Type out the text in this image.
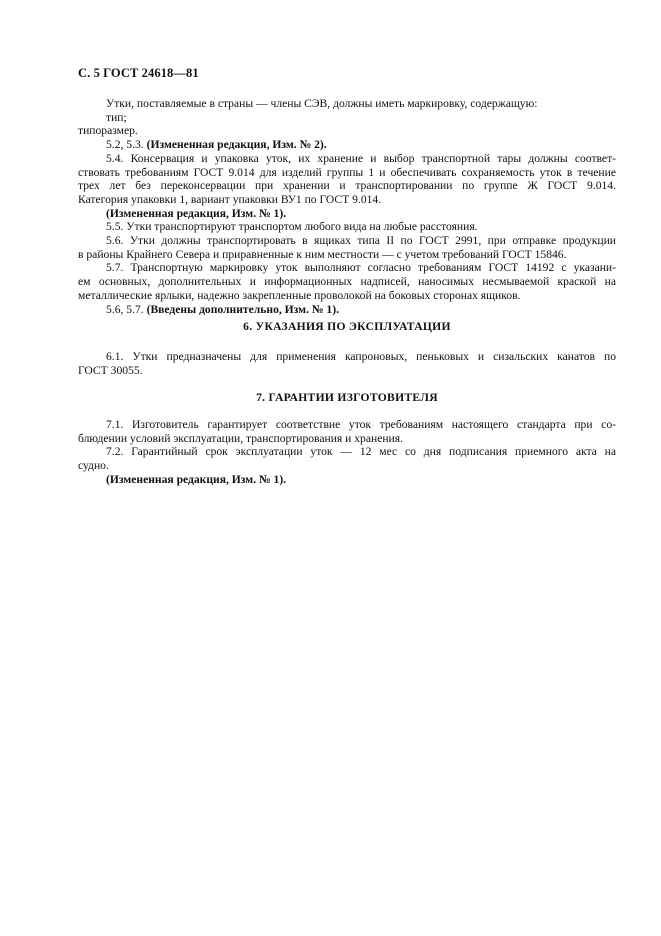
С. 5 ГОСТ 24618—81

Утки, поставляемые в страны — члены СЭВ, должны иметь маркировку, содержащую:

тип;

типоразмер.

5.2, 5.3. (Измененная редакция, Изм. № 2).

5.4. Консервация и упаковка уток, их хранение и выбор транспортной тары должны соответ-

ствовать требованиям ГОСТ 9.014 для изделий группы 1 и обеспечивать сохраняемость уток в течение

трех лет без переконсервации при хранении и транспортировании по группе Ж ГОСТ 9.014.

Категория упаковки 1, вариант упаковки ВУ1 по ГОСТ 9.014.

(Измененная редакция, Изм. № 1).

5.5. Утки транспортируют транспортом любого вида на любые расстояния.

5.6. Утки должны транспортировать в ящиках типа II по ГОСТ 2991, при отправке продукции

в районы Крайнего Севера и приравненные к ним местности — с учетом требований ГОСТ 15846.

5.7. Транспортную маркировку уток выполняют согласно требованиям ГОСТ 14192 с указани-

ем основных, дополнительных и информационных надписей, наносимых несмываемой краской на

металлические ярлыки, надежно закрепленные проволокой на боковых сторонах ящиков.

5.6, 5.7. (Введены дополнительно, Изм. № 1).

6. УКАЗАНИЯ ПО ЭКСПЛУАТАЦИИ

6.1. Утки предназначены для применения капроновых, пеньковых и сизальских канатов по

ГОСТ 30055.

7. ГАРАНТИИ ИЗГОТОВИТЕЛЯ

7.1. Изготовитель гарантирует соответствие уток требованиям настоящего стандарта при со-

блюдении условий эксплуатации, транспортирования и хранения.

7.2. Гарантийный срок эксплуатации уток — 12 мес со дня подписания приемного акта на

судно.

(Измененная редакция, Изм. № 1).
